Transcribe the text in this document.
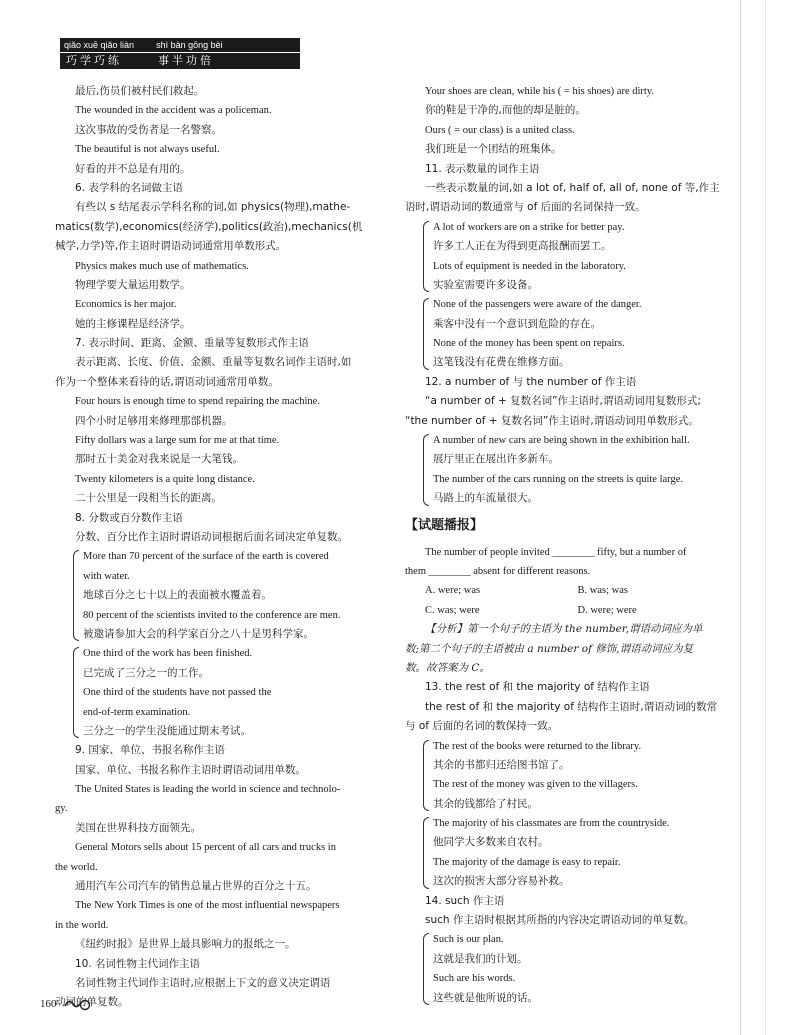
qiǎo xuē qiǎo liàn shì bàn gōng bèi
巧学巧练	事半功倍
最后,伤员们被村民们救起。
The wounded in the accident was a policeman.
这次事故的受伤者是一名警察。
The beautiful is not always useful.
好看的并不总是有用的。
6. 表学科的名词做主语
有些以 s 结尾表示学科名称的词,如 physics(物理),mathe-
matics(数学),economics(经济学),politics(政治),mechanics(机
械学,力学)等,作主语时谓语动词通常用单数形式。
Physics makes much use of mathematics.
物理学要大量运用数学。
Economics is her major.
她的主修课程是经济学。
7. 表示时间、距离、金额、重量等复数形式作主语
表示距离、长度、价值、金额、重量等复数名词作主语时,如
作为一个整体来看待的话,谓语动词通常用单数。
Four hours is enough time to spend repairing the machine.
四个小时足够用来修理那部机器。
Fifty dollars was a large sum for me at that time.
那时五十美金对我来说是一大笔钱。
Twenty kilometers is a quite long distance.
二十公里是一段相当长的距离。
8. 分数或百分数作主语
分数、百分比作主语时谓语动词根据后面名词决定单复数。
More than 70 percent of the surface of the earth is covered
with water.
地球百分之七十以上的表面被水覆盖着。
80 percent of the scientists invited to the conference are men.
被邀请参加大会的科学家百分之八十是男科学家。
One third of the work has been finished.
已完成了三分之一的工作。
One third of the students have not passed the
end-of-term examination.
三分之一的学生没能通过期末考试。
9. 国家、单位、书报名称作主语
国家、单位、书报名称作主语时谓语动词用单数。
The United States is leading the world in science and technolo-
gy.
美国在世界科技方面领先。
General Motors sells about 15 percent of all cars and trucks in
the world.
通用汽车公司汽车的销售总量占世界的百分之十五。
The New York Times is one of the most influential newspapers
in the world.
《纽约时报》是世界上最具影响力的报纸之一。
10. 名词性物主代词作主语
名词性物主代词作主语时,应根据上下文的意义决定谓语
动词的单复数。
Your shoes are clean, while his ( = his shoes) are dirty.
你的鞋是干净的,而他的却是脏的。
Ours ( = our class) is a united class.
我们班是一个团结的班集体。
11. 表示数量的词作主语
一些表示数量的词,如 a lot of, half of, all of, none of 等,作主
语时,谓语动词的数通常与 of 后面的名词保持一致。
A lot of workers are on a strike for better pay.
许多工人正在为得到更高报酬而罢工。
Lots of equipment is needed in the laboratory.
实验室需要许多设备。
None of the passengers were aware of the danger.
乘客中没有一个意识到危险的存在。
None of the money has been spent on repairs.
这笔钱没有花费在维修方面。
12. a number of 与 the number of 作主语
“a number of + 复数名词”作主语时,谓语动词用复数形式;
“the number of + 复数名词”作主语时,谓语动词用单数形式。
A number of new cars are being shown in the exhibition hall.
展厅里正在展出许多新车。
The number of the cars running on the streets is quite large.
马路上的车流量很大。
【试题播报】
The number of people invited ________ fifty, but a number of
them ________ absent for different reasons.
A. were; was	B. was; was
C. was; were	D. were; were
【分析】第一个句子的主语为 the number,谓语动词应为单
数;第二个句子的主语被由 a number of 修饰,谓语动词应为复
数。故答案为 C。
13. the rest of 和 the majority of 结构作主语
the rest of 和 the majority of 结构作主语时,谓语动词的数常
与 of 后面的名词的数保持一致。
The rest of the books were returned to the library.
其余的书都归还给图书馆了。
The rest of the money was given to the villagers.
其余的钱都给了村民。
The majority of his classmates are from the countryside.
他同学大多数来自农村。
The majority of the damage is easy to repair.
这次的损害大部分容易补救。
14. such 作主语
such 作主语时根据其所指的内容决定谓语动词的单复数。
Such is our plan.
这就是我们的计划。
Such are his words.
这些就是他所说的话。
160
